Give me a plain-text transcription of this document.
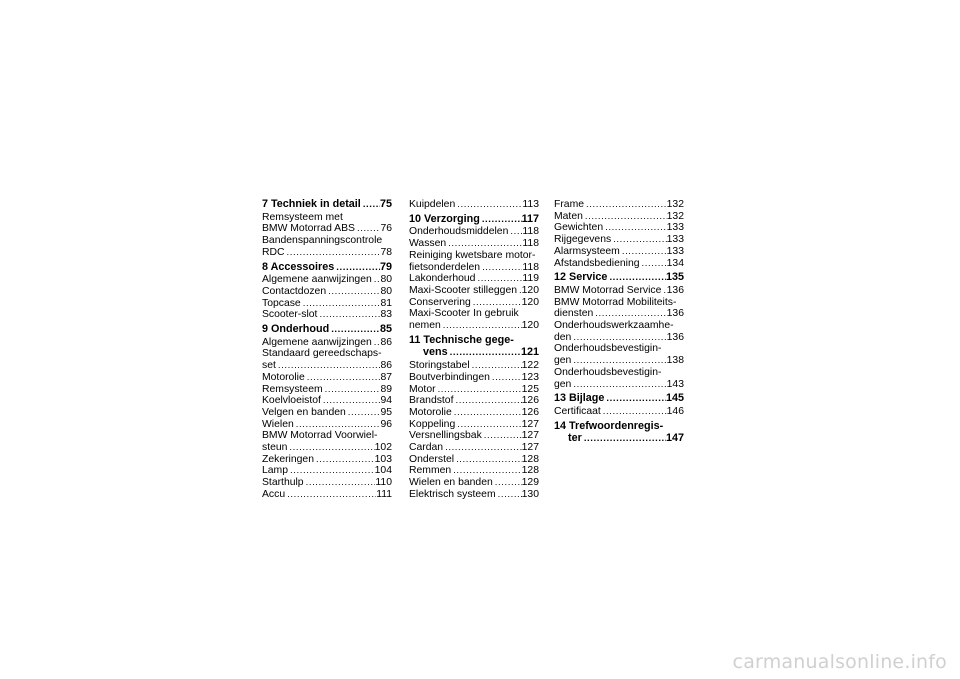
7 Techniek in detail ..... 75
Remsysteem met
BMW Motorrad ABS ..... 76
Bandenspanningscontrole
RDC .....	78
8 Accessoires .....	79
Algemene aanwijzingen ..... 80
Contactdozen .....	80
Topcase .....	81
Scooter-slot .....	83
9 Onderhoud .....	85
Algemene aanwijzingen ..... 86
Standaard gereedschaps-
set .....	86
Motorolie .....	87
Remsysteem .....	89
Koelvloeistof .....	94
Velgen en banden .....	95
Wielen .....	96
BMW Motorrad Voorwiel-
steun .....	102
Zekeringen .....	103
Lamp .....	104
Starthulp .....	110
Accu .....	111
Kuipdelen .....	113
10 Verzorging .....	117
Onderhoudsmiddelen ..... 118
Wassen .....	118
Reiniging kwetsbare motor-
fietsonderdelen .....	118
Lakonderhoud .....	119
Maxi-Scooter stilleggen ..... 120
Conservering .....	120
Maxi-Scooter In gebruik
nemen .....	120
11 Technische gege-
vens .....	121
Storingstabel .....	122
Boutverbindingen .....	123
Motor .....	125
Brandstof .....	126
Motorolie .....	126
Koppeling .....	127
Versnellingsbak .....	127
Cardan .....	127
Onderstel .....	128
Remmen .....	128
Wielen en banden .....	129
Elektrisch systeem .....	130
Frame .....	132
Maten .....	132
Gewichten .....	133
Rijgegevens .....	133
Alarmsysteem .....	133
Afstandsbediening .....	134
12 Service .....	135
BMW Motorrad Service ..... 136
BMW Motorrad Mobiliteits-
diensten .....	136
Onderhoudswerkzaamhe-
den .....	136
Onderhoudsbevestigin-
gen .....	138
Onderhoudsbevestigin-
gen .....	143
13 Bijlage .....	145
Certificaat .....	146
14 Trefwoordenregis-
ter .....	147
carmanualsonline.info
